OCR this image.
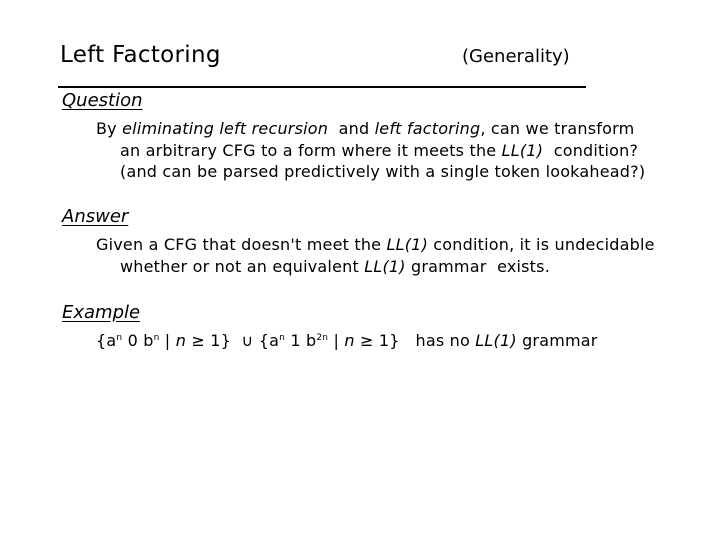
Left Factoring	(Generality)
Question
By eliminating left recursion  and left factoring, can we transform
an arbitrary CFG to a form where it meets the LL(1)  condition?
(and can be parsed predictively with a single token lookahead?)
Answer
Given a CFG that doesn't meet the LL(1) condition, it is undecidable
whether or not an equivalent LL(1) grammar  exists.
Example
{$a^n$ 0 $b^n$ | n ≥ 1}  ∪ {$a^n$ 1 $b^{2n}$ | n ≥ 1}   has no LL(1) grammar
